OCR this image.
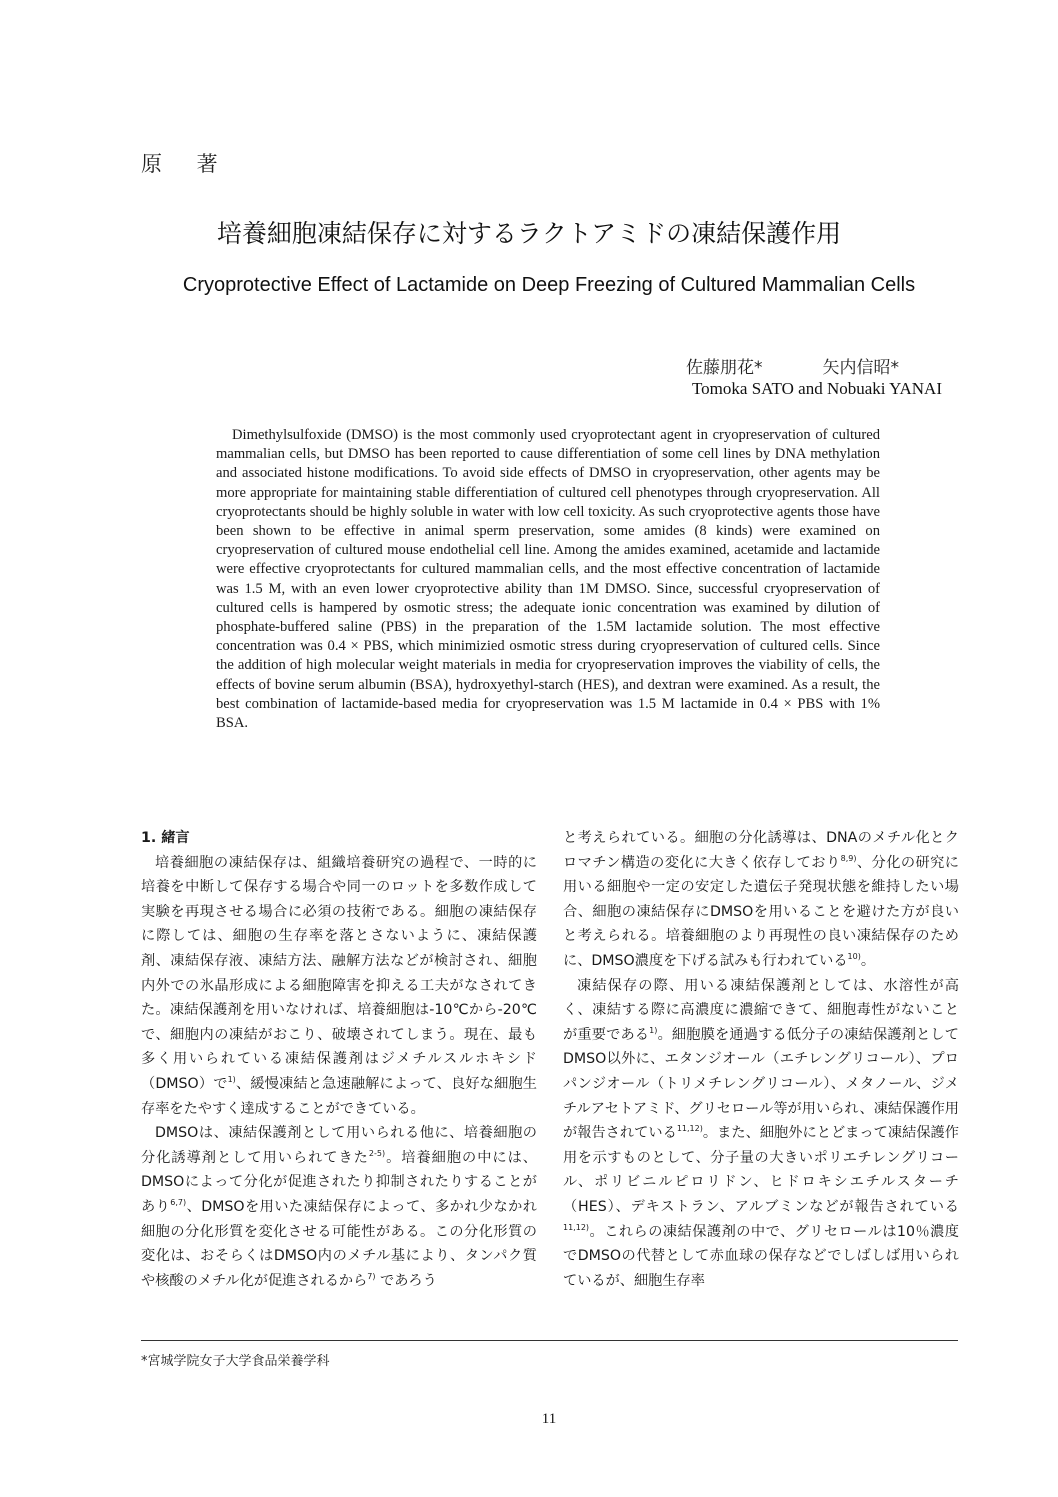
原 著
培養細胞凍結保存に対するラクトアミドの凍結保護作用
Cryoprotective Effect of Lactamide on Deep Freezing of Cultured Mammalian Cells
佐藤朋花*	矢内信昭*
Tomoka SATO and Nobuaki YANAI

Dimethylsulfoxide (DMSO) is the most commonly used cryoprotectant agent in cryopreservation of cultured mammalian cells, but DMSO has been reported to cause differentiation of some cell lines by DNA methylation and associated histone modifications. To avoid side effects of DMSO in cryopreservation, other agents may be more appropriate for maintaining stable differentiation of cultured cell phenotypes through cryopreservation. All cryoprotectants should be highly soluble in water with low cell toxicity. As such cryoprotective agents those have been shown to be effective in animal sperm preservation, some amides (8 kinds) were examined on cryopreservation of cultured mouse endothelial cell line. Among the amides examined, acetamide and lactamide were effective cryoprotectants for cultured mammalian cells, and the most effective concentration of lactamide was 1.5 M, with an even lower cryoprotective ability than 1M DMSO. Since, successful cryopreservation of cultured cells is hampered by osmotic stress; the adequate ionic concentration was examined by dilution of phosphate-buffered saline (PBS) in the preparation of the 1.5M lactamide solution. The most effective concentration was 0.4 × PBS, which minimizied osmotic stress during cryopreservation of cultured cells. Since the addition of high molecular weight materials in media for cryopreservation improves the viability of cells, the effects of bovine serum albumin (BSA), hydroxyethyl-starch (HES), and dextran were examined. As a result, the best combination of lactamide-based media for cryopreservation was 1.5 M lactamide in 0.4 × PBS with 1% BSA.

1. 緒言

培養細胞の凍結保存は、組織培養研究の過程で、一時的に培養を中断して保存する場合や同一のロットを多数作成して実験を再現させる場合に必須の技術である。細胞の凍結保存に際しては、細胞の生存率を落とさないように、凍結保護剤、凍結保存液、凍結方法、融解方法などが検討され、細胞内外での氷晶形成による細胞障害を抑える工夫がなされてきた。凍結保護剤を用いなければ、培養細胞は-10℃から-20℃で、細胞内の凍結がおこり、破壊されてしまう。現在、最も多く用いられている凍結保護剤はジメチルスルホキシド（DMSO）で$^{1)}$、緩慢凍結と急速融解によって、良好な細胞生存率をたやすく達成することができている。

DMSOは、凍結保護剤として用いられる他に、培養細胞の分化誘導剤として用いられてきた$^{2-5)}$。培養細胞の中には、DMSOによって分化が促進されたり抑制されたりすることがあり$^{6,7)}$、DMSOを用いた凍結保存によって、多かれ少なかれ細胞の分化形質を変化させる可能性がある。この分化形質の変化は、おそらくはDMSO内のメチル基により、タンパク質や核酸のメチル化が促進されるから$^{7)}$ であろう

と考えられている。細胞の分化誘導は、DNAのメチル化とクロマチン構造の変化に大きく依存しており$^{8,9)}$、分化の研究に用いる細胞や一定の安定した遺伝子発現状態を維持したい場合、細胞の凍結保存にDMSOを用いることを避けた方が良いと考えられる。培養細胞のより再現性の良い凍結保存のために、DMSO濃度を下げる試みも行われている$^{10)}$。

凍結保存の際、用いる凍結保護剤としては、水溶性が高く、凍結する際に高濃度に濃縮できて、細胞毒性がないことが重要である$^{1)}$。細胞膜を通過する低分子の凍結保護剤としてDMSO以外に、エタンジオール（エチレングリコール）、プロパンジオール（トリメチレングリコール）、メタノール、ジメチルアセトアミド、グリセロール等が用いられ、凍結保護作用が報告されている$^{11,12)}$。また、細胞外にとどまって凍結保護作用を示すものとして、分子量の大きいポリエチレングリコール、ポリビニルピロリドン、ヒドロキシエチルスターチ（HES）、デキストラン、アルブミンなどが報告されている$^{11,12)}$。これらの凍結保護剤の中で、グリセロールは10％濃度でDMSOの代替として赤血球の保存などでしばしば用いられているが、細胞生存率

*宮城学院女子大学食品栄養学科
11
